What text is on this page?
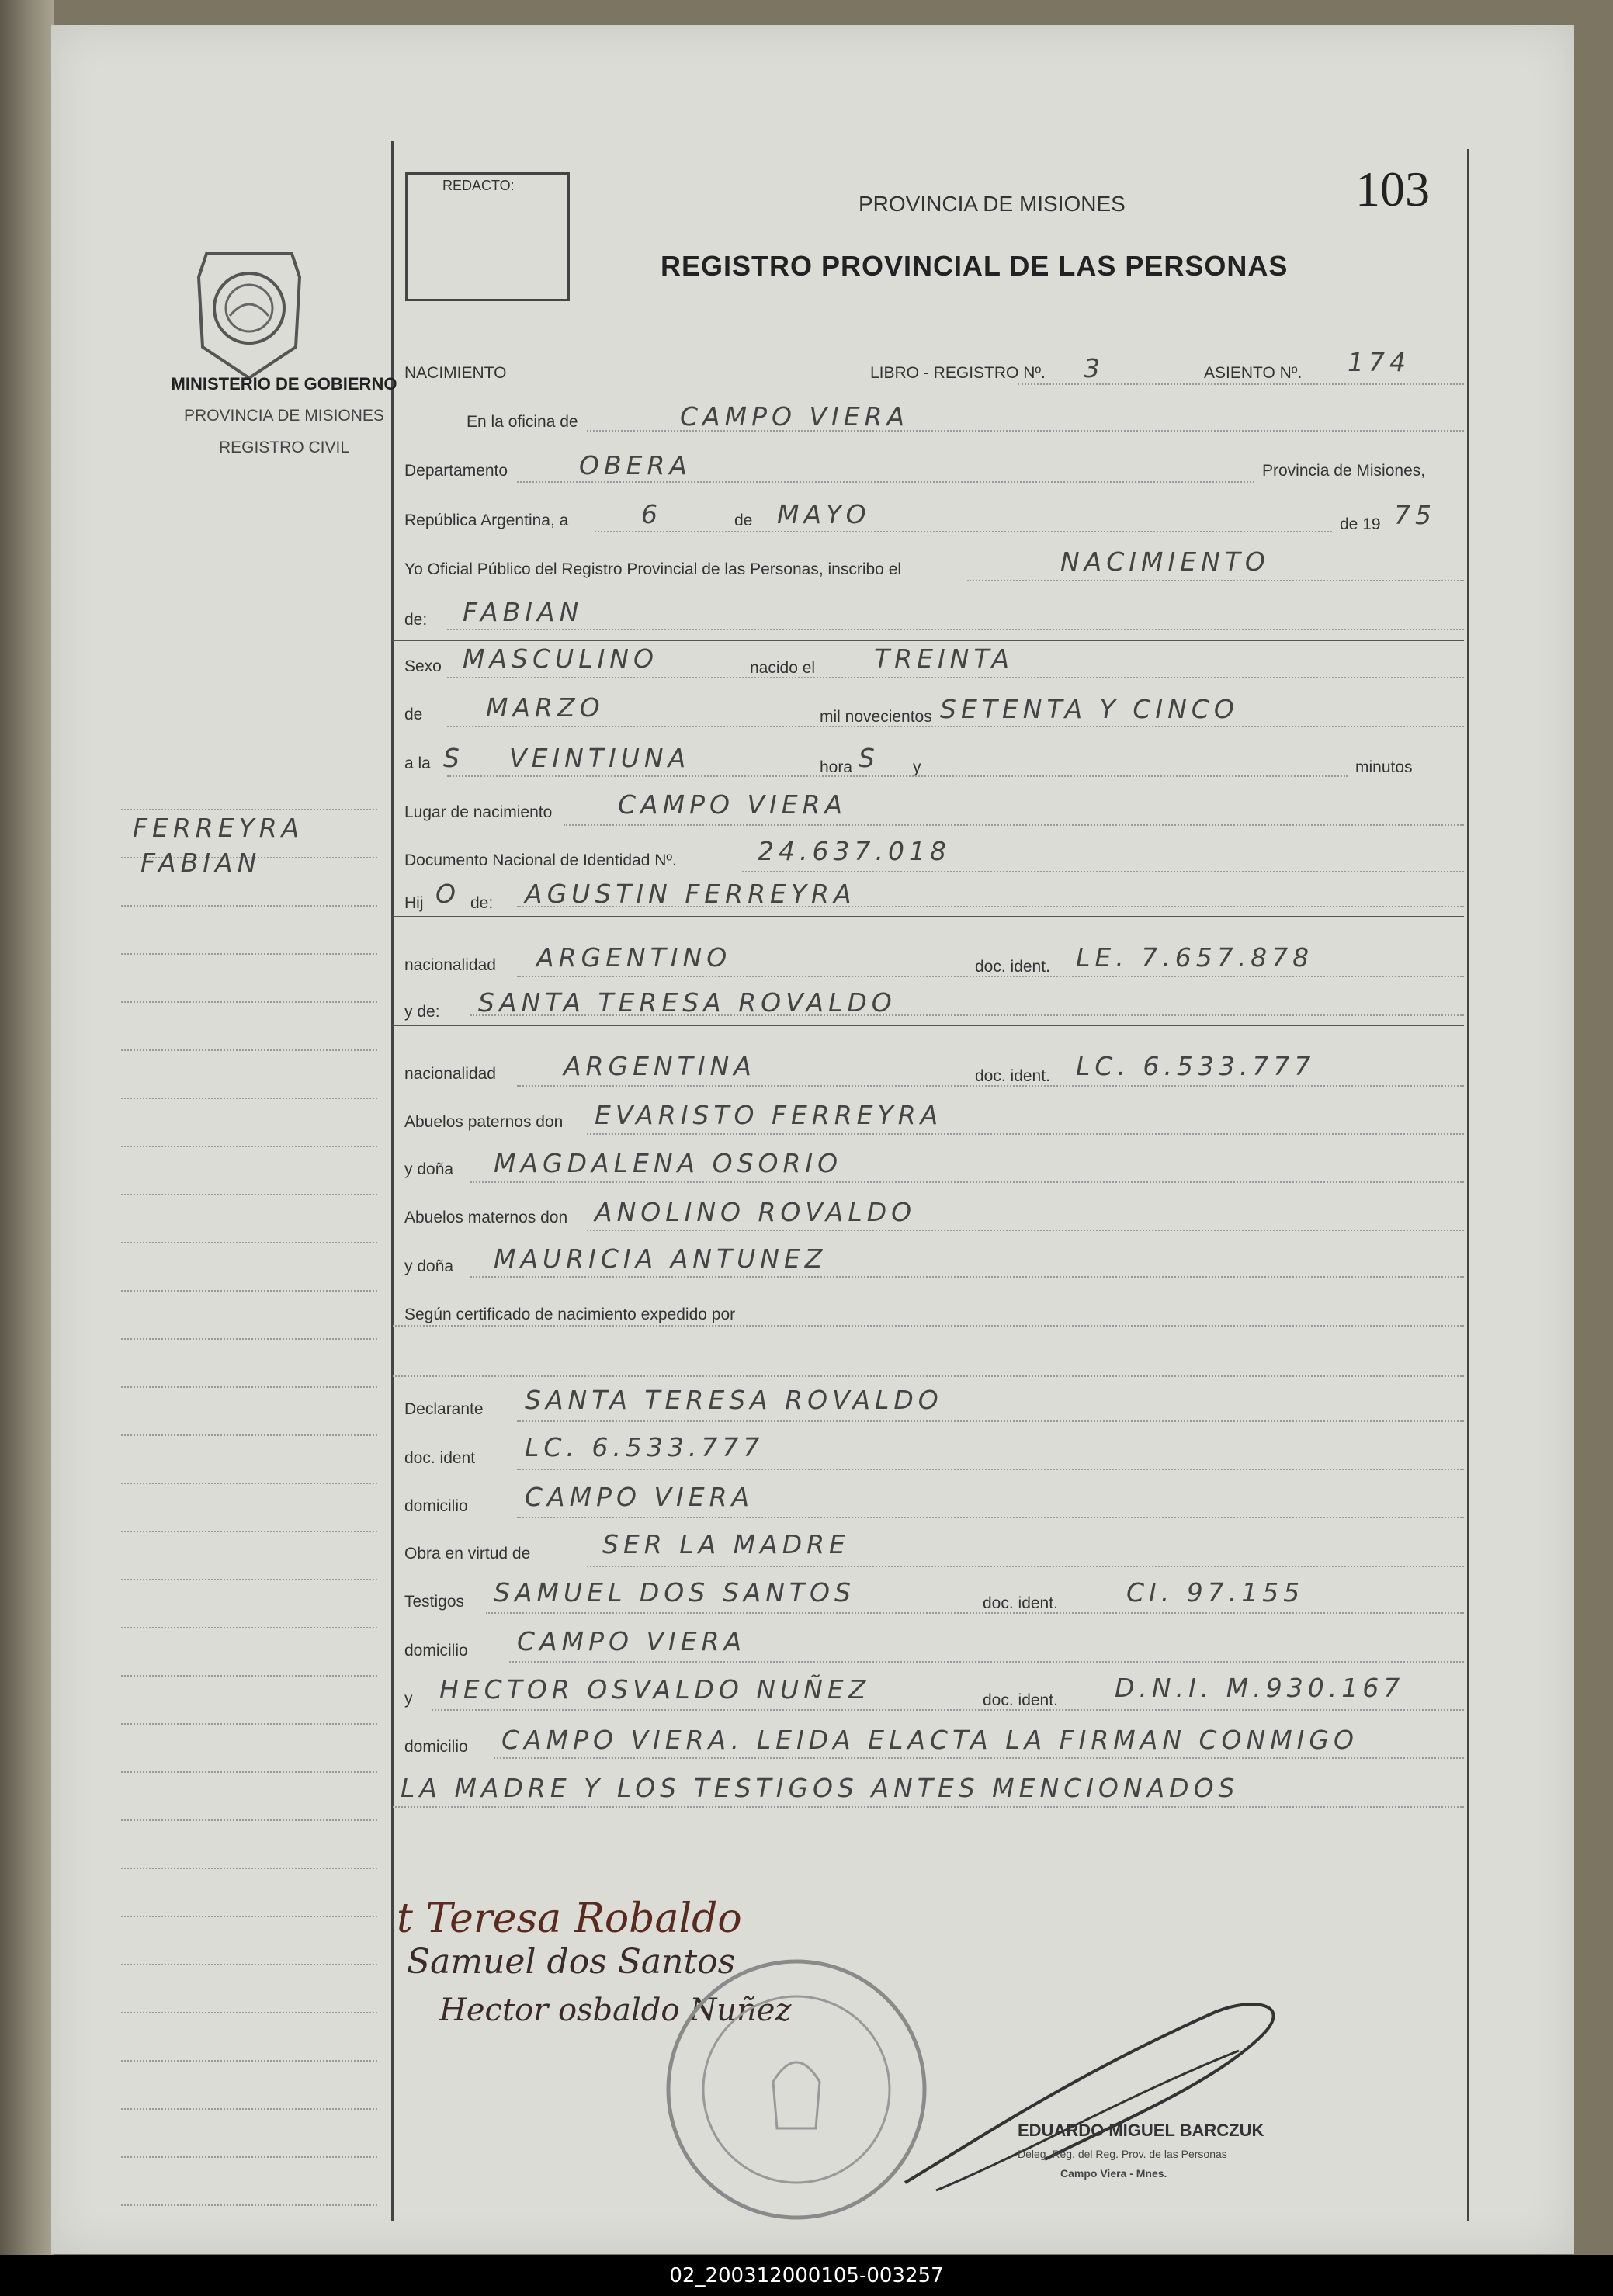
MINISTERIO DE GOBIERNO
PROVINCIA DE MISIONES
REGISTRO CIVIL
FERREYRA
FABIAN
REDACTO:
PROVINCIA DE MISIONES	103
REGISTRO PROVINCIAL DE LAS PERSONAS
NACIMIENTO	LIBRO - REGISTRO Nº. 3	ASIENTO Nº. 174
En la oficina de	CAMPO VIERA
Departamento	OBERA	Provincia de Misiones,
República Argentina, a	6	de MAYO	de 19 75
Yo Oficial Público del Registro Provincial de las Personas, inscribo el	NACIMIENTO
de: FABIAN
Sexo MASCULINO	nacido el TREINTA
de MARZO	mil novecientos SETENTA Y CINCO
a la S VEINTIUNA	hora S y	minutos
Lugar de nacimiento	CAMPO VIERA
Documento Nacional de Identidad Nº.	24.637.018
Hij O de: AGUSTIN FERREYRA
nacionalidad ARGENTINO	doc. ident. LE. 7.657.878
y de: SANTA TERESA ROVALDO
nacionalidad	ARGENTINA	doc. ident. LC. 6.533.777
Abuelos paternos don EVARISTO FERREYRA
y doña MAGDALENA OSORIO
Abuelos maternos don ANOLINO ROVALDO
y doña MAURICIA ANTUNEZ
Según certificado de nacimiento expedido por
Declarante SANTA TERESA ROVALDO
doc. ident LC. 6.533.777
domicilio CAMPO VIERA
Obra en virtud de	SER LA MADRE
Testigos SAMUEL DOS SANTOS	doc. ident.	CI. 97.155
domicilio CAMPO VIERA
y HECTOR OSVALDO NUÑEZ	doc. ident. D.N.I. M.930.167
domicilio CAMPO VIERA. LEIDA ELACTA LA FIRMAN CONMIGO
LA MADRE Y LOS TESTIGOS ANTES MENCIONADOS
t Teresa Robaldo
Samuel dos Santos
Hector osbaldo Nuñez
EDUARDO MIGUEL BARCZUK
Deleg. Reg. del Reg. Prov. de las Personas
Campo Viera - Mnes.
02_200312000105-003257
